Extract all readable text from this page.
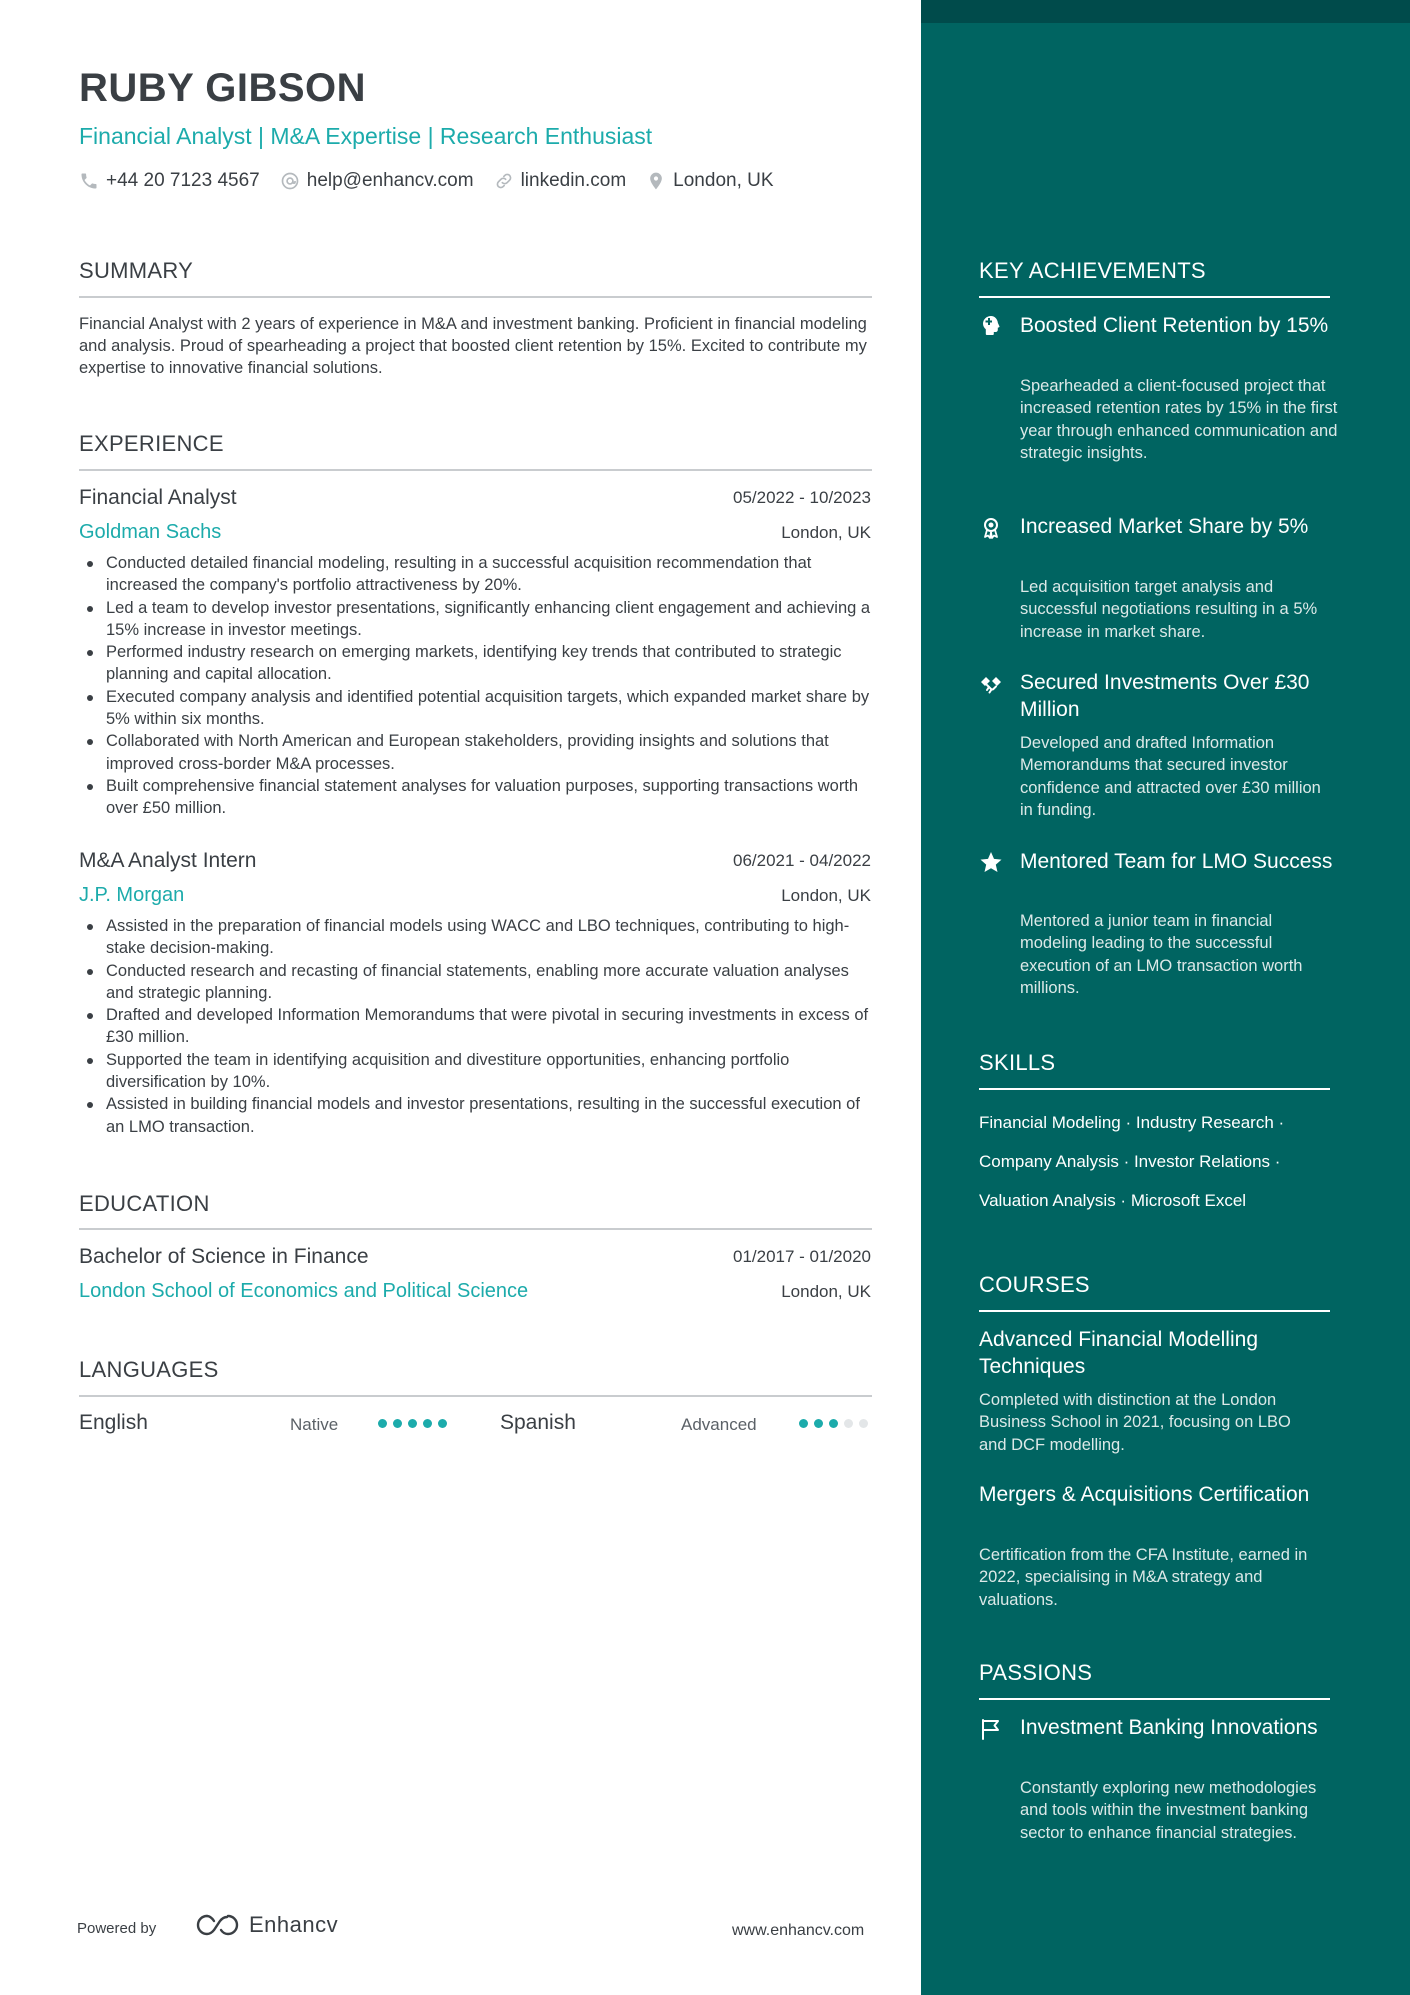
RUBY GIBSON
Financial Analyst | M&A Expertise | Research Enthusiast
+44 20 7123 4567 help@enhancv.com linkedin.com London, UK
SUMMARY

Financial Analyst with 2 years of experience in M&A and investment banking. Proficient in financial modeling and analysis. Proud of spearheading a project that boosted client retention by 15%. Excited to contribute my expertise to innovative financial solutions.

EXPERIENCE
Financial Analyst	05/2022 - 10/2023
Goldman Sachs	London, UK
Conducted detailed financial modeling, resulting in a successful acquisition recommendation that increased the company's portfolio attractiveness by 20%.
Led a team to develop investor presentations, significantly enhancing client engagement and achieving a 15% increase in investor meetings.
Performed industry research on emerging markets, identifying key trends that contributed to strategic planning and capital allocation.
Executed company analysis and identified potential acquisition targets, which expanded market share by 5% within six months.
Collaborated with North American and European stakeholders, providing insights and solutions that improved cross-border M&A processes.
Built comprehensive financial statement analyses for valuation purposes, supporting transactions worth over £50 million.
M&A Analyst Intern	06/2021 - 04/2022
J.P. Morgan	London, UK
Assisted in the preparation of financial models using WACC and LBO techniques, contributing to high-stake decision-making.
Conducted research and recasting of financial statements, enabling more accurate valuation analyses and strategic planning.
Drafted and developed Information Memorandums that were pivotal in securing investments in excess of £30 million.
Supported the team in identifying acquisition and divestiture opportunities, enhancing portfolio diversification by 10%.
Assisted in building financial models and investor presentations, resulting in the successful execution of an LMO transaction.
EDUCATION
Bachelor of Science in Finance	01/2017 - 01/2020
London School of Economics and Political Science	London, UK
LANGUAGES
English	Native	Spanish	Advanced
Powered by	Enhancv	www.enhancv.com
KEY ACHIEVEMENTS

Boosted Client Retention by 15%

Spearheaded a client-focused project that increased retention rates by 15% in the first year through enhanced communication and strategic insights.

Increased Market Share by 5%

Led acquisition target analysis and successful negotiations resulting in a 5% increase in market share.

Secured Investments Over £30 Million

Developed and drafted Information Memorandums that secured investor confidence and attracted over £30 million in funding.

Mentored Team for LMO Success

Mentored a junior team in financial modeling leading to the successful execution of an LMO transaction worth millions.

SKILLS

Financial Modeling · Industry Research · Company Analysis · Investor Relations · Valuation Analysis · Microsoft Excel

COURSES

Advanced Financial Modelling Techniques

Completed with distinction at the London Business School in 2021, focusing on LBO and DCF modelling.

Mergers & Acquisitions Certification

Certification from the CFA Institute, earned in 2022, specialising in M&A strategy and valuations.

PASSIONS

Investment Banking Innovations

Constantly exploring new methodologies and tools within the investment banking sector to enhance financial strategies.
